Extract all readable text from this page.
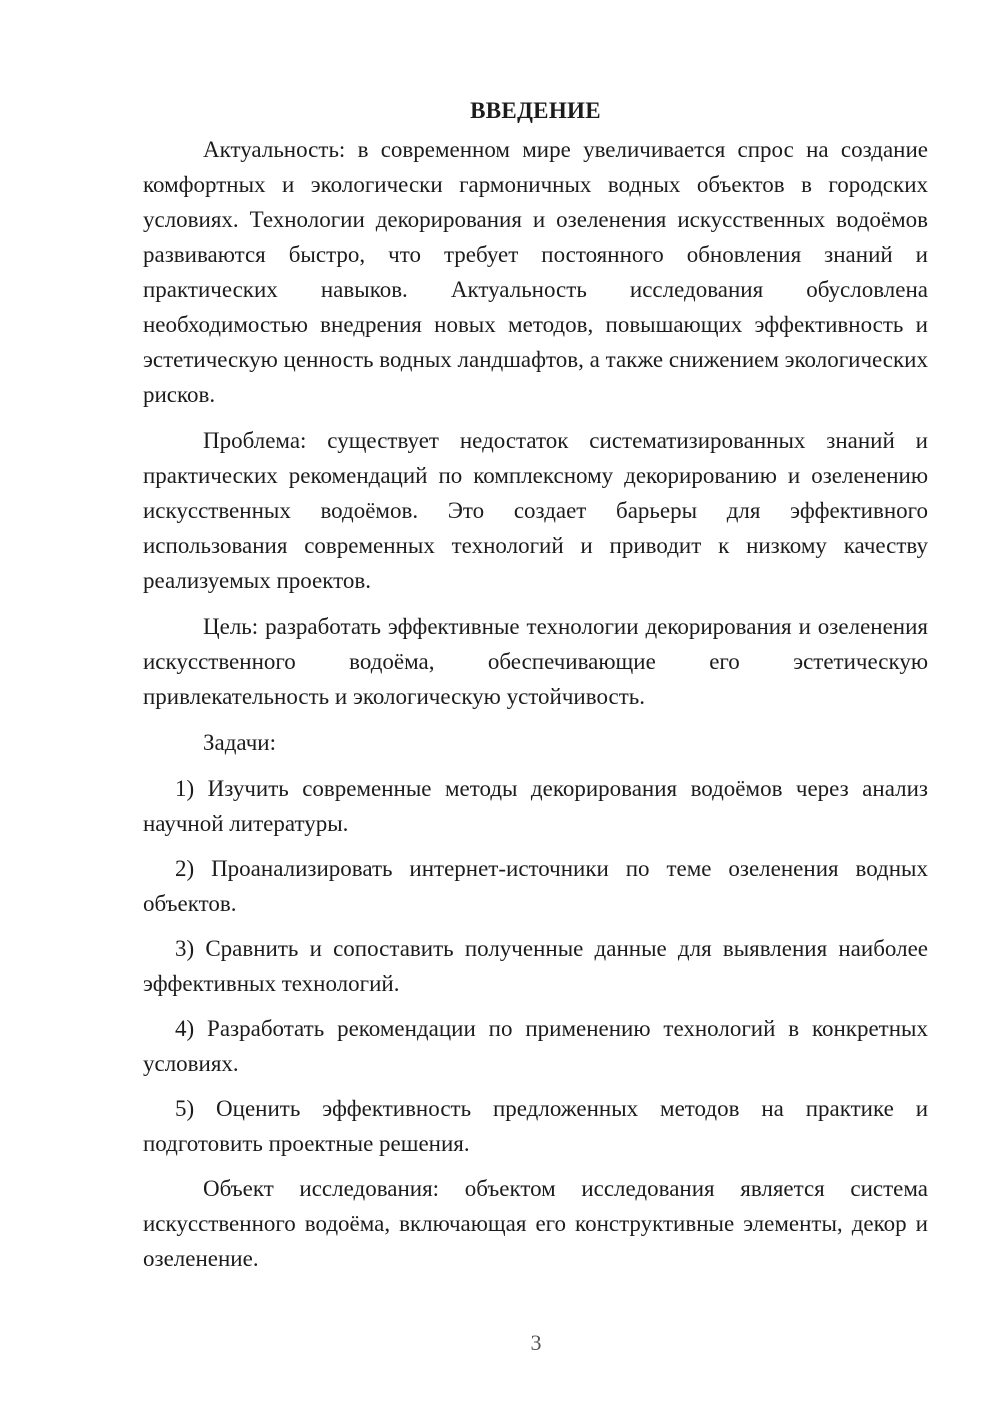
ВВЕДЕНИЕ

Актуальность: в современном мире увеличивается спрос на создание комфортных и экологически гармоничных водных объектов в городских условиях. Технологии декорирования и озеленения искусственных водоёмов развиваются быстро, что требует постоянного обновления знаний и практических навыков. Актуальность исследования обусловлена необходимостью внедрения новых методов, повышающих эффективность и эстетическую ценность водных ландшафтов, а также снижением экологических рисков.

Проблема: существует недостаток систематизированных знаний и практических рекомендаций по комплексному декорированию и озеленению искусственных водоёмов. Это создает барьеры для эффективного использования современных технологий и приводит к низкому качеству реализуемых проектов.

Цель: разработать эффективные технологии декорирования и озеленения искусственного водоёма, обеспечивающие его эстетическую привлекательность и экологическую устойчивость.

Задачи:

1) Изучить современные методы декорирования водоёмов через анализ научной литературы.

2) Проанализировать интернет-источники по теме озеленения водных объектов.

3) Сравнить и сопоставить полученные данные для выявления наиболее эффективных технологий.

4) Разработать рекомендации по применению технологий в конкретных условиях.

5) Оценить эффективность предложенных методов на практике и подготовить проектные решения.

Объект исследования: объектом исследования является система искусственного водоёма, включающая его конструктивные элементы, декор и озеленение.

3
